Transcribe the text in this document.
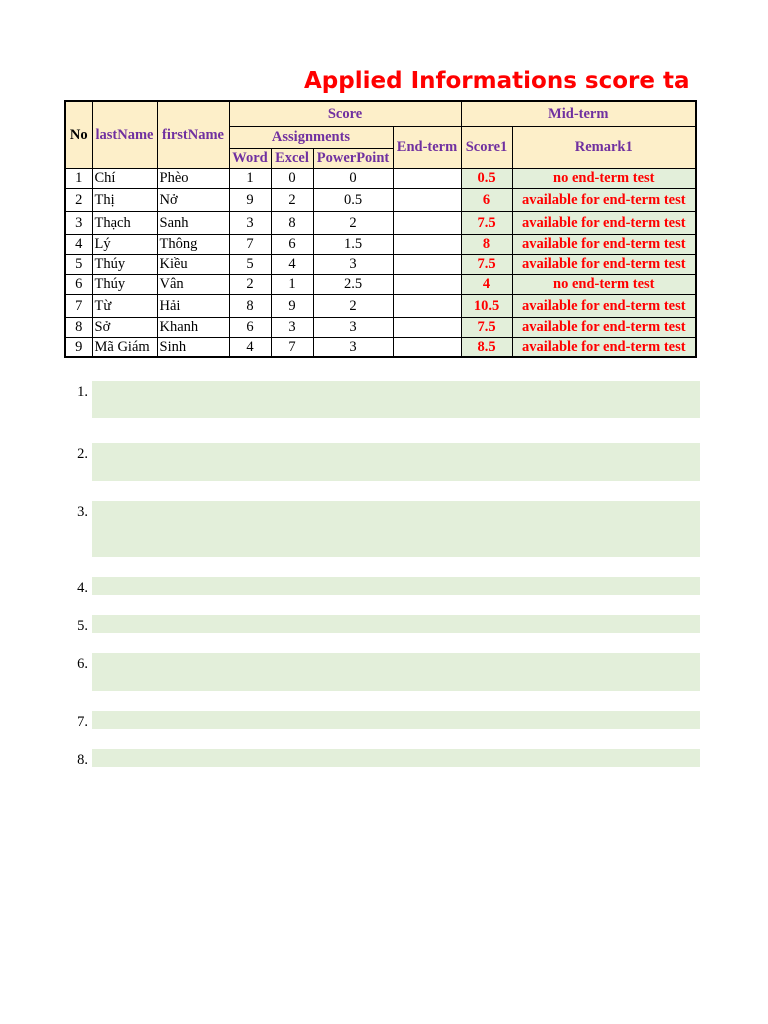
Applied Informations score ta
No	lastName	firstName	Score				Mid-term	
			Assignments			End-term	Score1	Remark1
			Word	Excel	PowerPoint			
1	Chí	Phèo	1	0	0		0.5	no end-term test
2	Thị	Nở	9	2	0.5		6	available for end-term test
3	Thạch	Sanh	3	8	2		7.5	available for end-term test
4	Lý	Thông	7	6	1.5		8	available for end-term test
5	Thúy	Kiều	5	4	3		7.5	available for end-term test
6	Thúy	Vân	2	1	2.5		4	no end-term test
7	Từ	Hải	8	9	2		10.5	available for end-term test
8	Sở	Khanh	6	3	3		7.5	available for end-term test
9	Mã Giám	Sinh	4	7	3		8.5	available for end-term test
1.
2.
3.
4.
5.
6.
7.
8.
